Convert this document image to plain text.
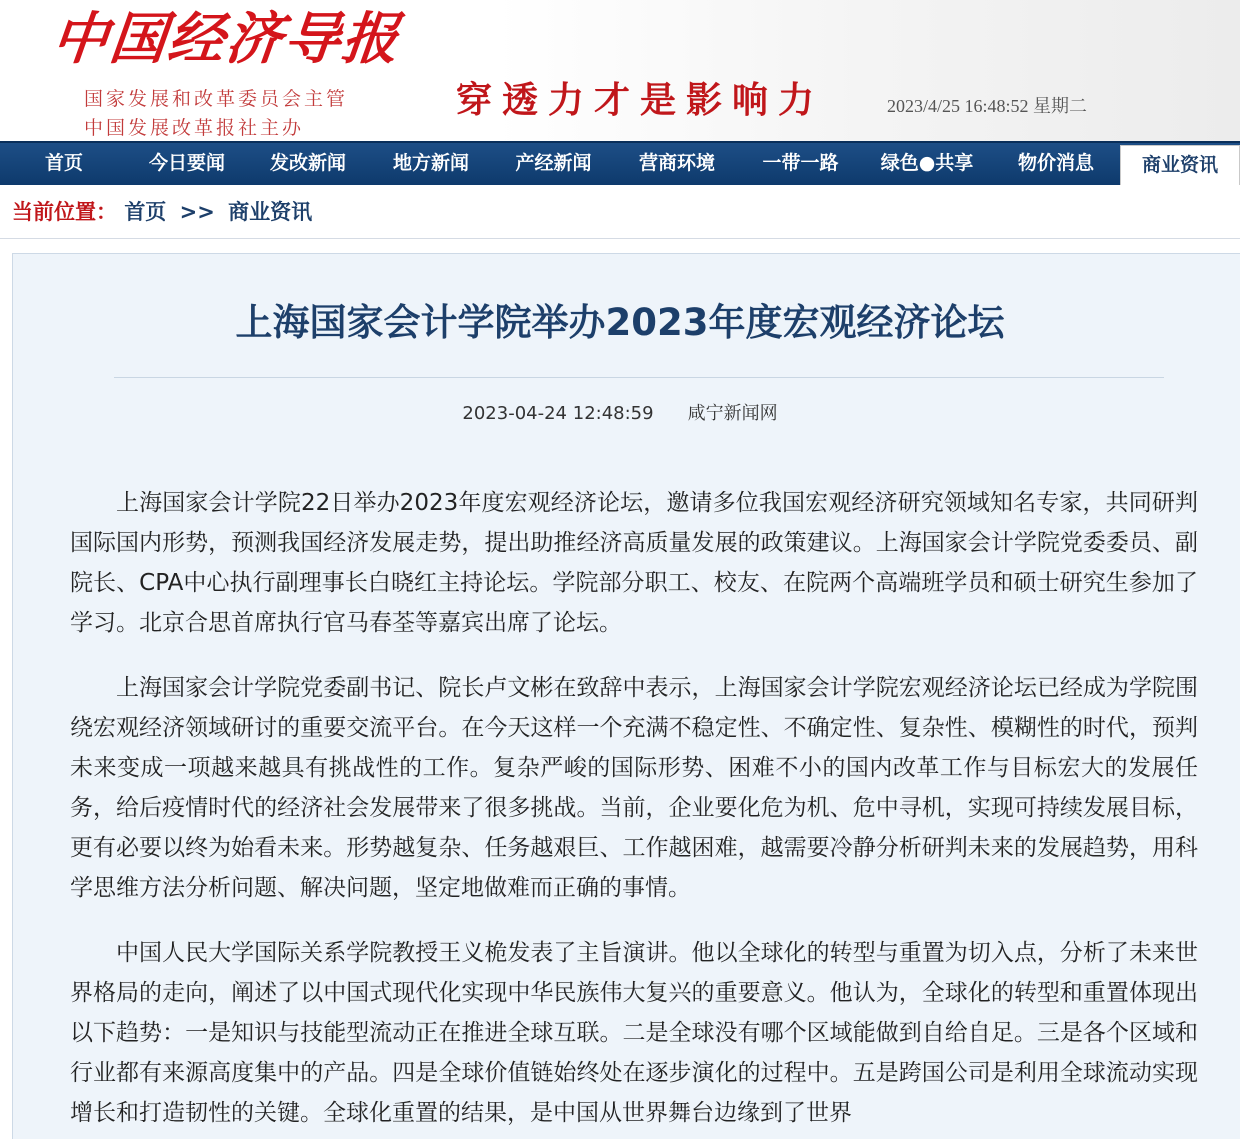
中国经济导报
国家发展和改革委员会主管
中国发展改革报社主办
穿透力才是影响力	2023/4/25 16:48:52 星期二
首页	今日要闻	发改新闻	地方新闻	产经新闻	营商环境	一带一路	绿色●共享	物价消息	商业资讯
当前位置： 首页 >> 商业资讯
上海国家会计学院举办2023年度宏观经济论坛
2023-04-24 12:48:59 咸宁新闻网

上海国家会计学院22日举办2023年度宏观经济论坛，邀请多位我国宏观经济研究领域知名专家，共同研判国际国内形势，预测我国经济发展走势，提出助推经济高质量发展的政策建议。上海国家会计学院党委委员、副院长、CPA中心执行副理事长白晓红主持论坛。学院部分职工、校友、在院两个高端班学员和硕士研究生参加了学习。北京合思首席执行官马春荃等嘉宾出席了论坛。

上海国家会计学院党委副书记、院长卢文彬在致辞中表示，上海国家会计学院宏观经济论坛已经成为学院围绕宏观经济领域研讨的重要交流平台。在今天这样一个充满不稳定性、不确定性、复杂性、模糊性的时代，预判未来变成一项越来越具有挑战性的工作。复杂严峻的国际形势、困难不小的国内改革工作与目标宏大的发展任务，给后疫情时代的经济社会发展带来了很多挑战。当前，企业要化危为机、危中寻机，实现可持续发展目标，更有必要以终为始看未来。形势越复杂、任务越艰巨、工作越困难，越需要冷静分析研判未来的发展趋势，用科学思维方法分析问题、解决问题，坚定地做难而正确的事情。

中国人民大学国际关系学院教授王义桅发表了主旨演讲。他以全球化的转型与重置为切入点，分析了未来世界格局的走向，阐述了以中国式现代化实现中华民族伟大复兴的重要意义。他认为，全球化的转型和重置体现出以下趋势：一是知识与技能型流动正在推进全球互联。二是全球没有哪个区域能做到自给自足。三是各个区域和行业都有来源高度集中的产品。四是全球价值链始终处在逐步演化的过程中。五是跨国公司是利用全球流动实现增长和打造韧性的关键。全球化重置的结果，是中国从世界舞台边缘到了世界
